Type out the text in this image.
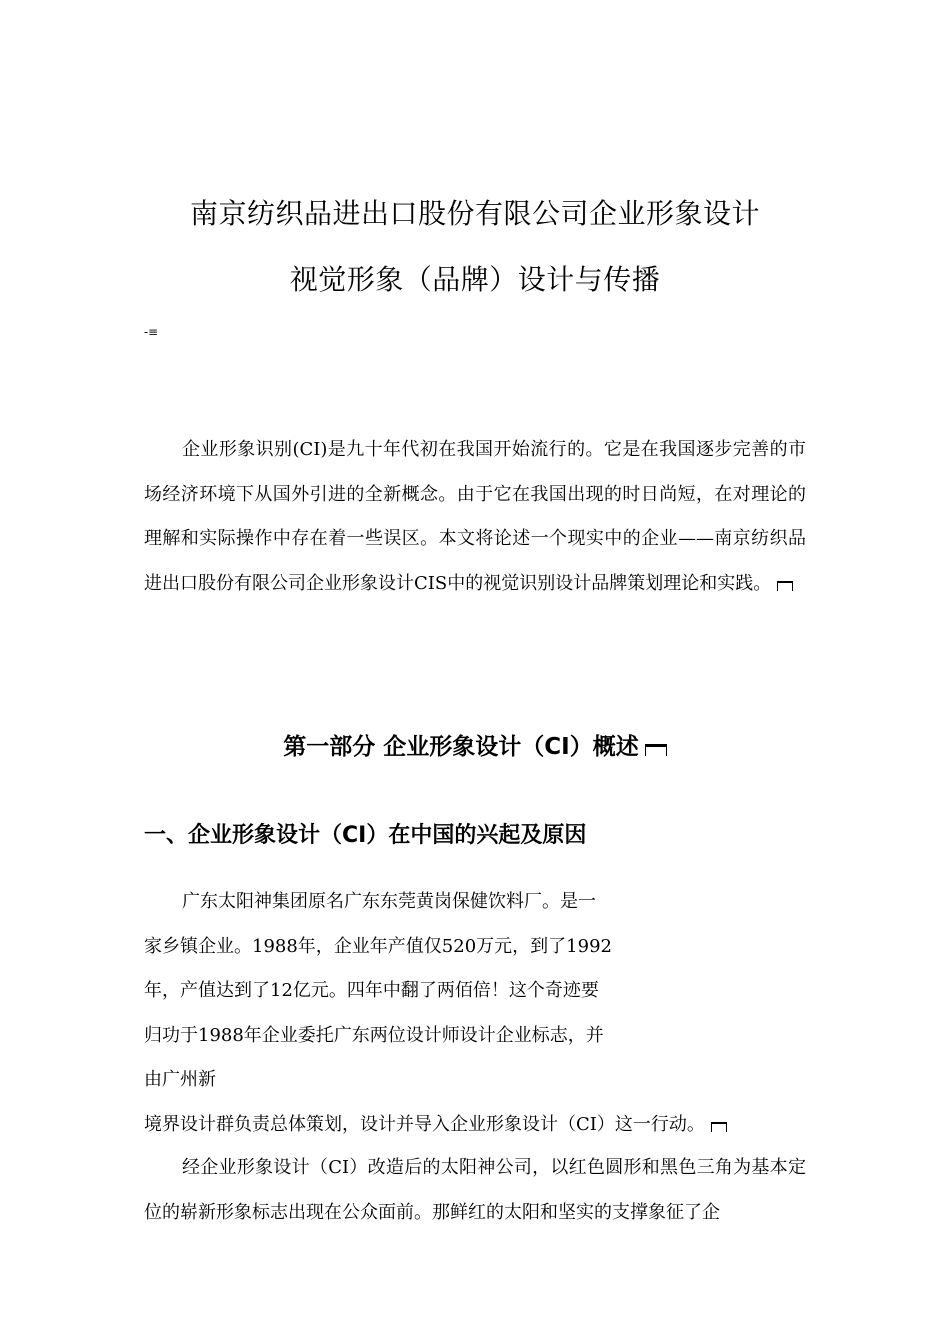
南京纺织品进出口股份有限公司企业形象设计
视觉形象（品牌）设计与传播
-≡

企业形象识别(CI)是九十年代初在我国开始流行的。它是在我国逐步完善的市场经济环境下从国外引进的全新概念。由于它在我国出现的时日尚短，在对理论的理解和实际操作中存在着一些误区。本文将论述一个现实中的企业——南京纺织品进出口股份有限公司企业形象设计CIS中的视觉识别设计品牌策划理论和实践。

第一部分 企业形象设计（CI）概述
一、企业形象设计（CI）在中国的兴起及原因
广东太阳神集团原名广东东莞黄岗保健饮料厂。是一
家乡镇企业。1988年，企业年产值仅520万元，到了1992
年，产值达到了12亿元。四年中翻了两佰倍！这个奇迹要
归功于1988年企业委托广东两位设计师设计企业标志，并
由广州新
境界设计群负责总体策划，设计并导入企业形象设计（CI）这一行动。

经企业形象设计（CI）改造后的太阳神公司，以红色圆形和黑色三角为基本定位的崭新形象标志出现在公众面前。那鲜红的太阳和坚实的支撑象征了企
